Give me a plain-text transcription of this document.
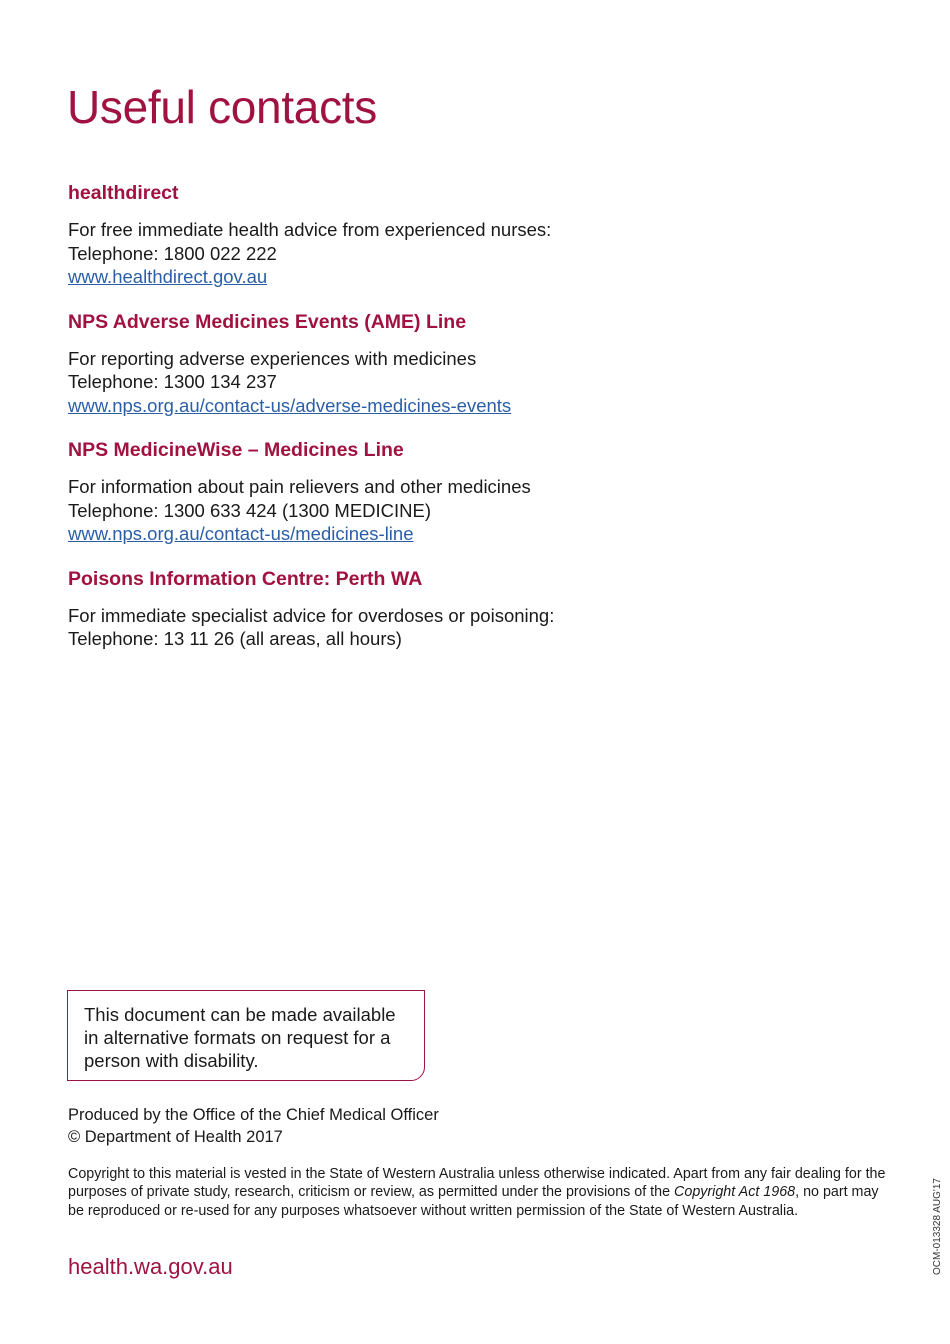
Useful contacts
healthdirect

For free immediate health advice from experienced nurses:

Telephone: 1800 022 222

www.healthdirect.gov.au
NPS Adverse Medicines Events (AME) Line

For reporting adverse experiences with medicines

Telephone: 1300 134 237

www.nps.org.au/contact-us/adverse-medicines-events
NPS MedicineWise – Medicines Line

For information about pain relievers and other medicines

Telephone: 1300 633 424 (1300 MEDICINE)

www.nps.org.au/contact-us/medicines-line
Poisons Information Centre: Perth WA

For immediate specialist advice for overdoses or poisoning:

Telephone: 13 11 26 (all areas, all hours)

This document can be made available in alternative formats on request for a person with disability.

Produced by the Office of the Chief Medical Officer
© Department of Health 2017

Copyright to this material is vested in the State of Western Australia unless otherwise indicated. Apart from any fair dealing for the purposes of private study, research, criticism or review, as permitted under the provisions of the Copyright Act 1968, no part may be reproduced or re-used for any purposes whatsoever without written permission of the State of Western Australia.

health.wa.gov.au	OCM-013328 AUG'17
